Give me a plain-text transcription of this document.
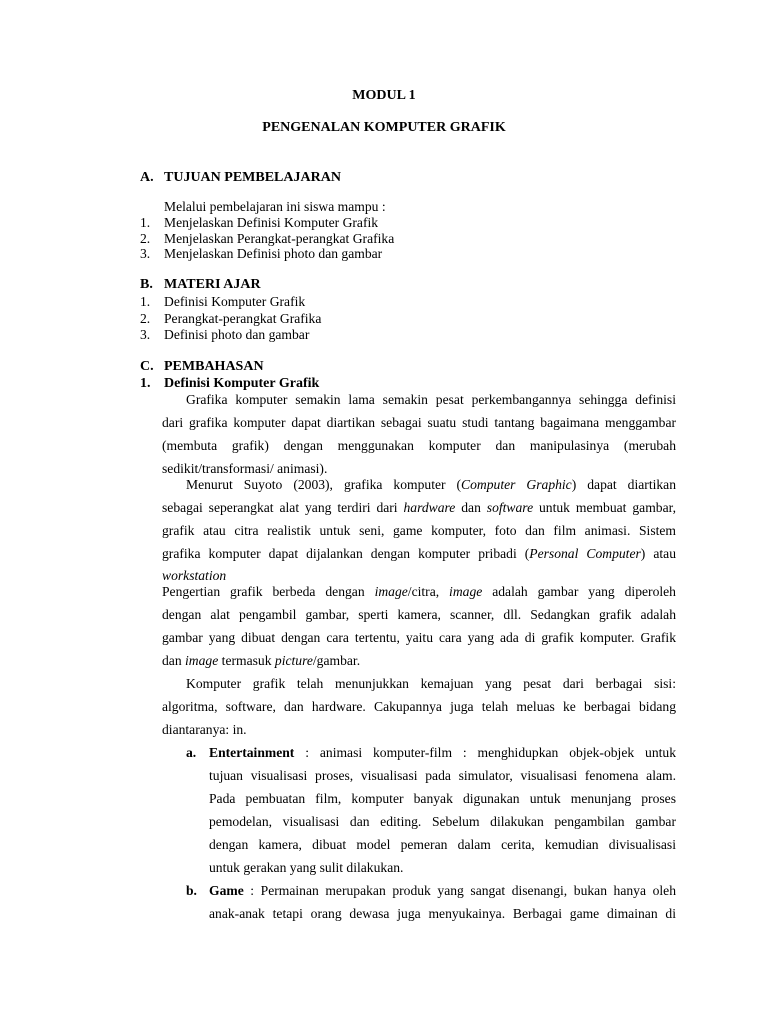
MODUL 1
PENGENALAN KOMPUTER GRAFIK
A. TUJUAN PEMBELAJARAN
Melalui pembelajaran ini siswa mampu :
1. Menjelaskan Definisi Komputer Grafik
2. Menjelaskan Perangkat-perangkat Grafika
3. Menjelaskan Definisi photo dan gambar
B. MATERI AJAR
1. Definisi Komputer Grafik
2. Perangkat-perangkat Grafika
3. Definisi photo dan gambar
C. PEMBAHASAN
1. Definisi Komputer Grafik
Grafika komputer semakin lama semakin pesat perkembangannya sehingga definisi
dari grafika komputer dapat diartikan sebagai suatu studi tantang bagaimana menggambar
(membuta grafik) dengan menggunakan komputer dan manipulasinya (merubah
sedikit/transformasi/ animasi).
Menurut Suyoto (2003), grafika komputer (Computer Graphic) dapat diartikan
sebagai seperangkat alat yang terdiri dari hardware dan software untuk membuat gambar,
grafik atau citra realistik untuk seni, game komputer, foto dan film animasi. Sistem
grafika komputer dapat dijalankan dengan komputer pribadi (Personal Computer) atau
workstation
Pengertian grafik berbeda dengan image/citra, image adalah gambar yang diperoleh
dengan alat pengambil gambar, sperti kamera, scanner, dll. Sedangkan grafik adalah
gambar yang dibuat dengan cara tertentu, yaitu cara yang ada di grafik komputer. Grafik
dan image termasuk picture/gambar.
Komputer grafik telah menunjukkan kemajuan yang pesat dari berbagai sisi:
algoritma, software, dan hardware. Cakupannya juga telah meluas ke berbagai bidang
diantaranya: in.
a. Entertainment : animasi komputer-film : menghidupkan objek-objek untuk
tujuan visualisasi proses, visualisasi pada simulator, visualisasi fenomena alam.
Pada pembuatan film, komputer banyak digunakan untuk menunjang proses
pemodelan, visualisasi dan editing. Sebelum dilakukan pengambilan gambar
dengan kamera, dibuat model pemeran dalam cerita, kemudian divisualisasi
untuk gerakan yang sulit dilakukan.
b. Game : Permainan merupakan produk yang sangat disenangi, bukan hanya oleh
anak-anak tetapi orang dewasa juga menyukainya. Berbagai game dimainan di
